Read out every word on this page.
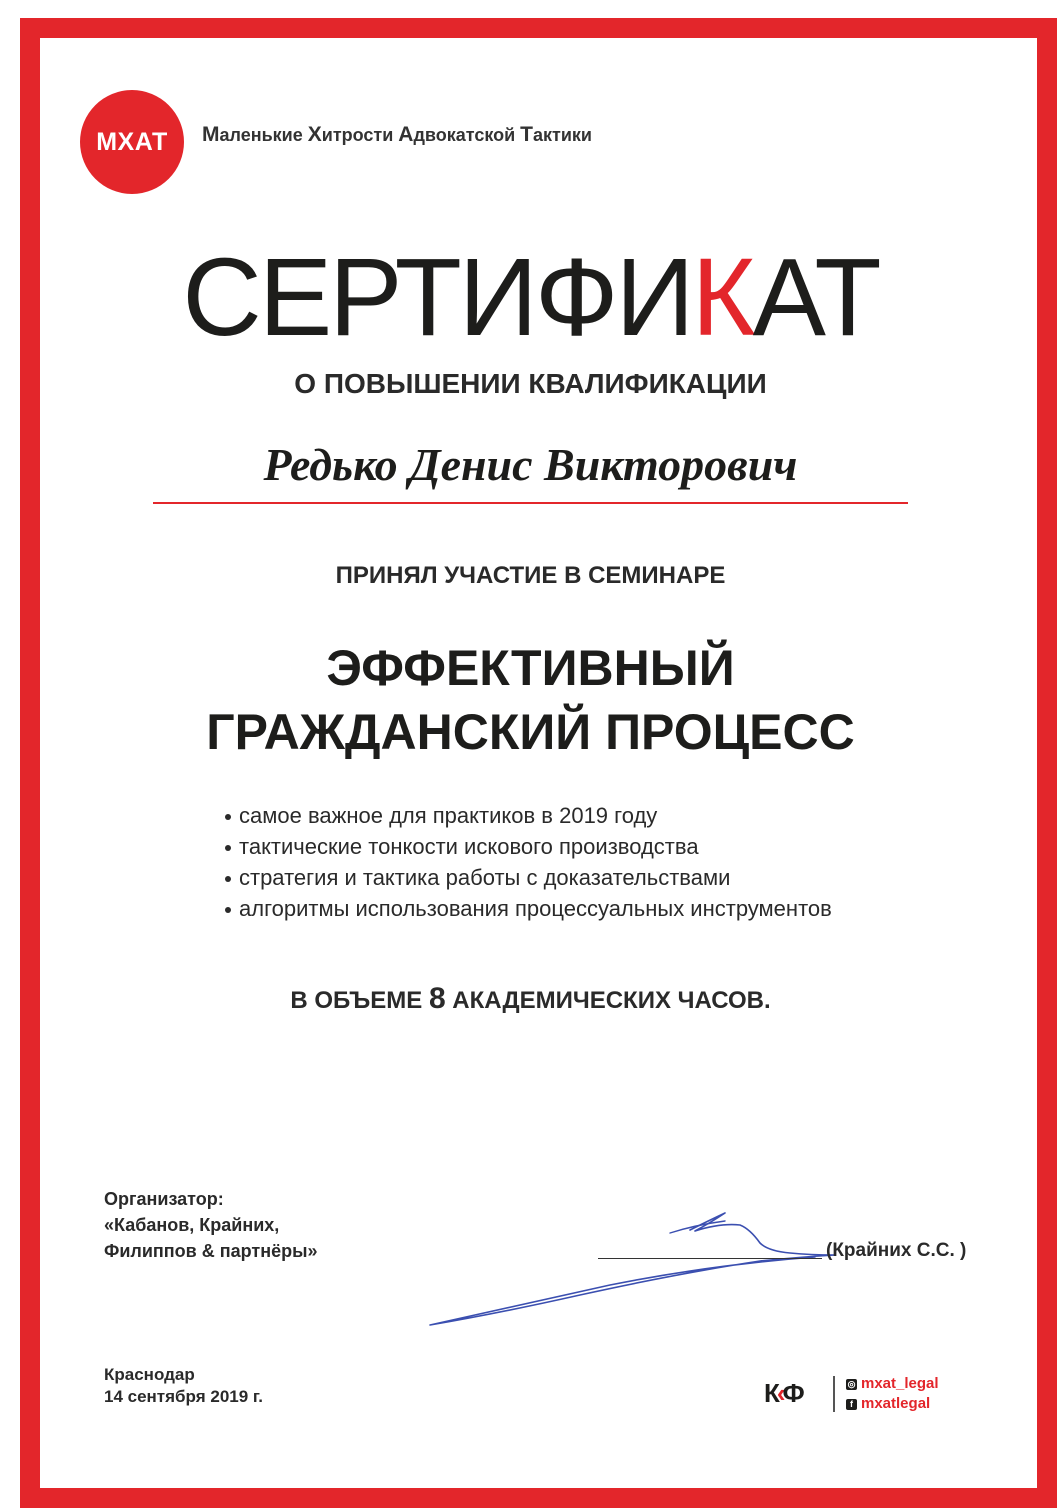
МХАТ Маленькие Хитрости Адвокатской Тактики
СЕРТИФИКАТ
О ПОВЫШЕНИИ КВАЛИФИКАЦИИ
Редько Денис Викторович
ПРИНЯЛ УЧАСТИЕ В СЕМИНАРЕ
ЭФФЕКТИВНЫЙ
ГРАЖДАНСКИЙ ПРОЦЕСС
самое важное для практиков в 2019 году
тактические тонкости искового производства
стратегия и тактика работы с доказательствами
алгоритмы использования процессуальных инструментов
В ОБЪЕМЕ 8 АКАДЕМИЧЕСКИХ ЧАСОВ.
Организатор:
«Кабанов, Крайних,
Филиппов & партнёры»	(Крайних С.С. )
Краснодар
14 сентября 2019 г.	К‹Ф	◎ mxat_legal
f mxatlegal
